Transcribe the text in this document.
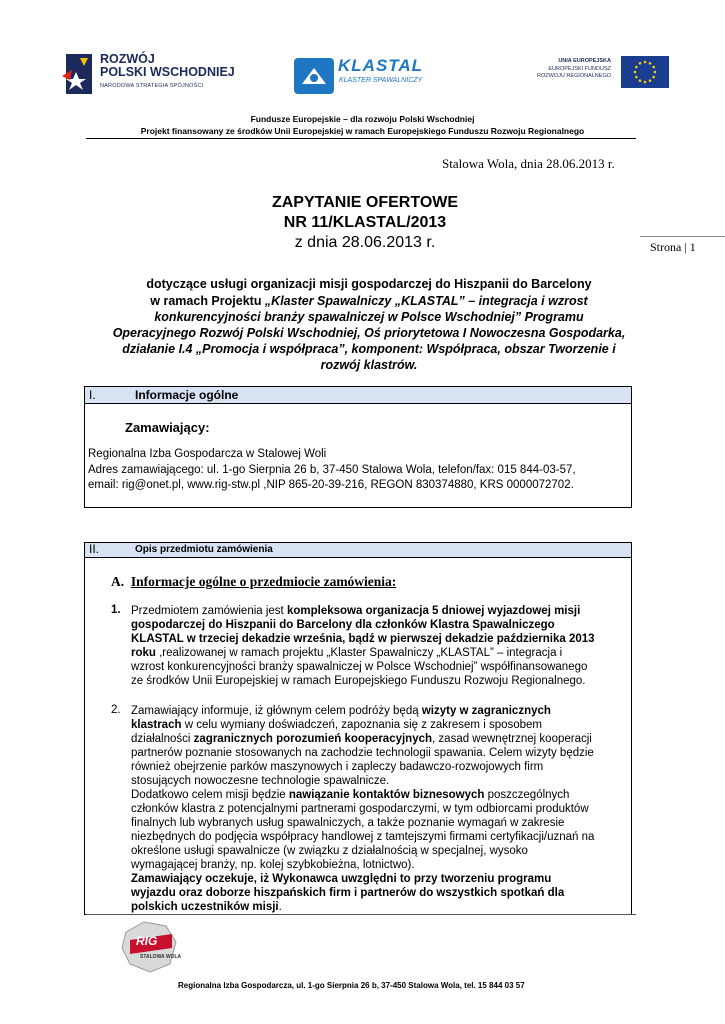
ROZWÓJ
POLSKI WSCHODNIEJ
NARODOWA STRATEGIA SPÓJNOŚCI
KLASTAL
KLASTER SPAWALNICZY
UNIA EUROPEJSKA
EUROPEJSKI FUNDUSZ
ROZWOJU REGIONALNEGO
Fundusze Europejskie – dla rozwoju Polski Wschodniej
Projekt finansowany ze środków Unii Europejskiej w ramach Europejskiego Funduszu Rozwoju Regionalnego
Stalowa Wola, dnia 28.06.2013 r.
ZAPYTANIE OFERTOWE
NR 11/KLASTAL/2013
z dnia 28.06.2013 r.	Strona | 1
dotyczące usługi organizacji misji gospodarczej do Hiszpanii do Barcelony
w ramach Projektu „Klaster Spawalniczy „KLASTAL” – integracja i wzrost
konkurencyjności branży spawalniczej w Polsce Wschodniej” Programu
Operacyjnego Rozwój Polski Wschodniej, Oś priorytetowa I Nowoczesna Gospodarka,
działanie I.4 „Promocja i współpraca”, komponent: Współpraca, obszar Tworzenie i
rozwój klastrów.
I.	Informacje ogólne
Zamawiający:
Regionalna Izba Gospodarcza w Stalowej Woli
Adres zamawiającego: ul. 1-go Sierpnia 26 b, 37-450 Stalowa Wola, telefon/fax: 015 844-03-57,
email: rig@onet.pl, www.rig-stw.pl ,NIP 865-20-39-216, REGON 830374880, KRS 0000072702.
II.	Opis przedmiotu zamówienia
A. Informacje ogólne o przedmiocie zamówienia:
1. Przedmiotem zamówienia jest kompleksowa organizacja 5 dniowej wyjazdowej misji
gospodarczej do Hiszpanii do Barcelony dla członków Klastra Spawalniczego
KLASTAL w trzeciej dekadzie września, bądź w pierwszej dekadzie października 2013
roku ,realizowanej w ramach projektu „Klaster Spawalniczy „KLASTAL” – integracja i
wzrost konkurencyjności branży spawalniczej w Polsce Wschodniej” współfinansowanego
ze środków Unii Europejskiej w ramach Europejskiego Funduszu Rozwoju Regionalnego.
2. Zamawiający informuje, iż głównym celem podróży będą wizyty w zagranicznych
klastrach w celu wymiany doświadczeń, zapoznania się z zakresem i sposobem
działalności zagranicznych porozumień kooperacyjnych, zasad wewnętrznej kooperacji
partnerów poznanie stosowanych na zachodzie technologii spawania. Celem wizyty będzie
również obejrzenie parków maszynowych i zapleczy badawczo-rozwojowych firm
stosujących nowoczesne technologie spawalnicze.
Dodatkowo celem misji będzie nawiązanie kontaktów biznesowych poszczególnych
członków klastra z potencjalnymi partnerami gospodarczymi, w tym odbiorcami produktów
finalnych lub wybranych usług spawalniczych, a także poznanie wymagań w zakresie
niezbędnych do podjęcia współpracy handlowej z tamtejszymi firmami certyfikacji/uznań na
określone usługi spawalnicze (w związku z działalnością w specjalnej, wysoko
wymagającej branży, np. kolej szybkobieżna, lotnictwo).
Zamawiający oczekuje, iż Wykonawca uwzględni to przy tworzeniu programu
wyjazdu oraz doborze hiszpańskich firm i partnerów do wszystkich spotkań dla
polskich uczestników misji.
RIG
STALOWA WOLA
Regionalna Izba Gospodarcza, ul. 1-go Sierpnia 26 b, 37-450 Stalowa Wola, tel. 15 844 03 57
